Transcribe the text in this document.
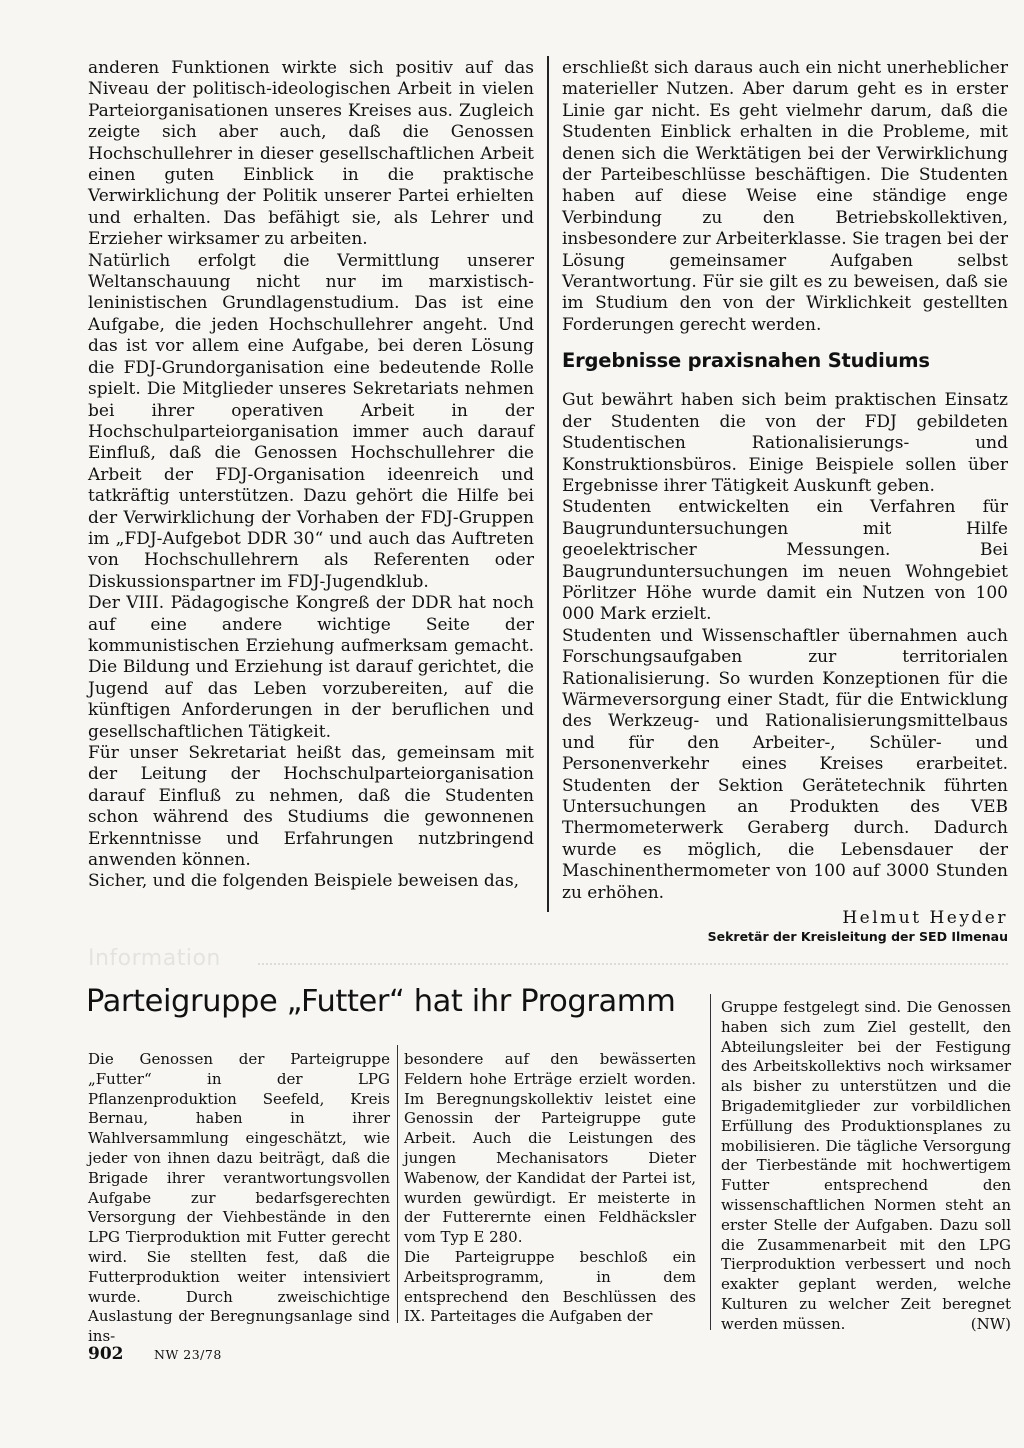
anderen Funktionen wirkte sich positiv auf das Niveau der politisch-ideologischen Arbeit in vielen Parteiorganisationen unseres Kreises aus. Zugleich zeigte sich aber auch, daß die Genossen Hochschullehrer in dieser gesellschaftlichen Arbeit einen guten Einblick in die praktische Verwirklichung der Politik unserer Partei erhielten und erhalten. Das befähigt sie, als Lehrer und Erzieher wirksamer zu arbeiten.

Natürlich erfolgt die Vermittlung unserer Weltanschauung nicht nur im marxistisch-leninistischen Grundlagenstudium. Das ist eine Aufgabe, die jeden Hochschullehrer angeht. Und das ist vor allem eine Aufgabe, bei deren Lösung die FDJ-Grundorganisation eine bedeutende Rolle spielt. Die Mitglieder unseres Sekretariats nehmen bei ihrer operativen Arbeit in der Hochschulparteiorganisation immer auch darauf Einfluß, daß die Genossen Hochschullehrer die Arbeit der FDJ-Organisation ideenreich und tatkräftig unterstützen. Dazu gehört die Hilfe bei der Verwirklichung der Vorhaben der FDJ-Gruppen im „FDJ-Aufgebot DDR 30“ und auch das Auftreten von Hochschullehrern als Referenten oder Diskussionspartner im FDJ-Jugendklub.

Der VIII. Pädagogische Kongreß der DDR hat noch auf eine andere wichtige Seite der kommunistischen Erziehung aufmerksam gemacht. Die Bildung und Erziehung ist darauf gerichtet, die Jugend auf das Leben vorzubereiten, auf die künftigen Anforderungen in der beruflichen und gesellschaftlichen Tätigkeit.

Für unser Sekretariat heißt das, gemeinsam mit der Leitung der Hochschulparteiorganisation darauf Einfluß zu nehmen, daß die Studenten schon während des Studiums die gewonnenen Erkenntnisse und Erfahrungen nutzbringend anwenden können.

Sicher, und die folgenden Beispiele beweisen das,

erschließt sich daraus auch ein nicht unerheblicher materieller Nutzen. Aber darum geht es in erster Linie gar nicht. Es geht vielmehr darum, daß die Studenten Einblick erhalten in die Probleme, mit denen sich die Werktätigen bei der Verwirklichung der Parteibeschlüsse beschäftigen. Die Studenten haben auf diese Weise eine ständige enge Verbindung zu den Betriebskollektiven, insbesondere zur Arbeiterklasse. Sie tragen bei der Lösung gemeinsamer Aufgaben selbst Verantwortung. Für sie gilt es zu beweisen, daß sie im Studium den von der Wirklichkeit gestellten Forderungen gerecht werden.

Ergebnisse praxisnahen Studiums

Gut bewährt haben sich beim praktischen Einsatz der Studenten die von der FDJ gebildeten Studentischen Rationalisierungs- und Konstruktionsbüros. Einige Beispiele sollen über Ergebnisse ihrer Tätigkeit Auskunft geben.

Studenten entwickelten ein Verfahren für Baugrunduntersuchungen mit Hilfe geoelektrischer Messungen. Bei Baugrunduntersuchungen im neuen Wohngebiet Pörlitzer Höhe wurde damit ein Nutzen von 100 000 Mark erzielt.

Studenten und Wissenschaftler übernahmen auch Forschungsaufgaben zur territorialen Rationalisierung. So wurden Konzeptionen für die Wärmeversorgung einer Stadt, für die Entwicklung des Werkzeug- und Rationalisierungsmittelbaus und für den Arbeiter-, Schüler- und Personenverkehr eines Kreises erarbeitet. Studenten der Sektion Gerätetechnik führten Untersuchungen an Produkten des VEB Thermometerwerk Geraberg durch. Dadurch wurde es möglich, die Lebensdauer der Maschinenthermometer von 100 auf 3000 Stunden zu erhöhen.

Helmut Heyder

Sekretär der Kreisleitung der SED Ilmenau

Information
Parteigruppe „Futter“ hat ihr Programm

Die Genossen der Parteigruppe „Futter“ in der LPG Pflanzenproduktion Seefeld, Kreis Bernau, haben in ihrer Wahlversammlung eingeschätzt, wie jeder von ihnen dazu beiträgt, daß die Brigade ihrer verantwortungsvollen Aufgabe zur bedarfsgerechten Versorgung der Viehbestände in den LPG Tierproduktion mit Futter gerecht wird. Sie stellten fest, daß die Futterproduktion weiter intensiviert wurde. Durch zweischichtige Auslastung der Beregnungsanlage sind ins-

besondere auf den bewässerten Feldern hohe Erträge erzielt worden. Im Beregnungskollektiv leistet eine Genossin der Parteigruppe gute Arbeit. Auch die Leistungen des jungen Mechanisators Dieter Wabenow, der Kandidat der Partei ist, wurden gewürdigt. Er meisterte in der Futterernte einen Feldhäcksler vom Typ E 280.

Die Parteigruppe beschloß ein Arbeitsprogramm, in dem entsprechend den Beschlüssen des IX. Parteitages die Aufgaben der

Gruppe festgelegt sind. Die Genossen haben sich zum Ziel gestellt, den Abteilungsleiter bei der Festigung des Arbeitskollektivs noch wirksamer als bisher zu unterstützen und die Brigademitglieder zur vorbildlichen Erfüllung des Produktionsplanes zu mobilisieren. Die tägliche Versorgung der Tierbestände mit hochwertigem Futter entsprechend den wissenschaftlichen Normen steht an erster Stelle der Aufgaben. Dazu soll die Zusammenarbeit mit den LPG Tierproduktion verbessert und noch exakter geplant werden, welche Kulturen zu welcher Zeit beregnet werden müssen.	(NW)

902 NW 23/78
